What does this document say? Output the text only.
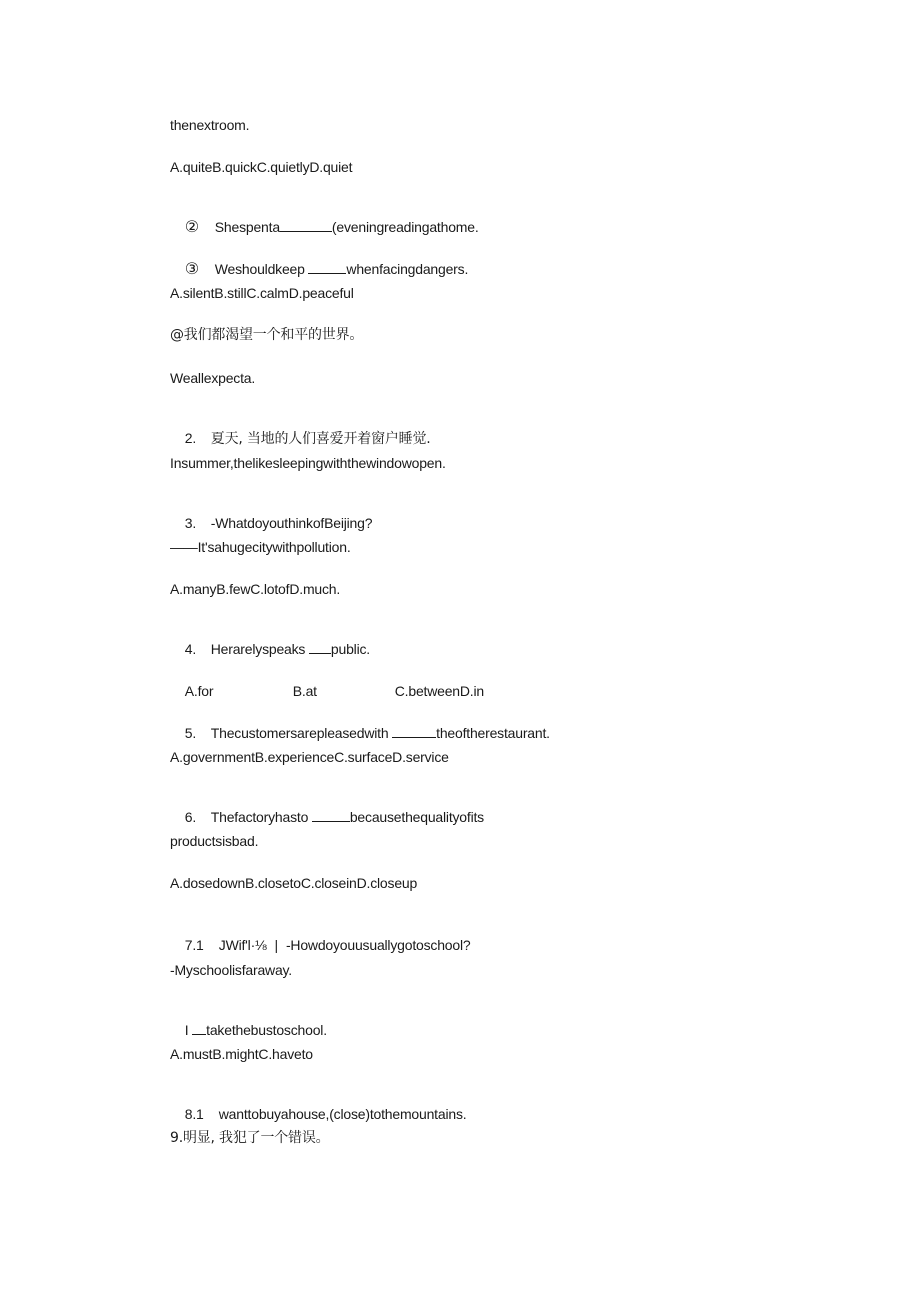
thenextroom.
A.quiteB.quickC.quietlyD.quiet

② Shespenta	(eveningreadingathome.

③ Weshouldkeep	whenfacingdangers.

A.silentB.stillC.calmD.peaceful
@我们都渴望一个和平的世界。
Weallexpecta.

2. 夏天, 当地的人们喜爱开着窗户睡觉.

Insummer,thelikesleepingwiththewindowopen.

3. -WhatdoyouthinkofBeijing?

——It'sahugecitywithpollution.
A.manyB.fewC.lotofD.much.

4. Herarelyspeaks public.

A.for	B.at	C.betweenD.in

5. Thecustomersarepleasedwith	theoftherestaurant.

A.governmentB.experienceC.surfaceD.service

6. Thefactoryhasto	becausethequalityofits

productsisbad.
A.dosedownB.closetoC.closeinD.closeup

7.1 JWif'l·⅛ | -Howdoyouusuallygotoschool?

-Myschoolisfaraway.

I takethebustoschool.

A.mustB.mightC.haveto

8.1 wanttobuyahouse,(close)tothemountains.

9.明显, 我犯了一个错误。
